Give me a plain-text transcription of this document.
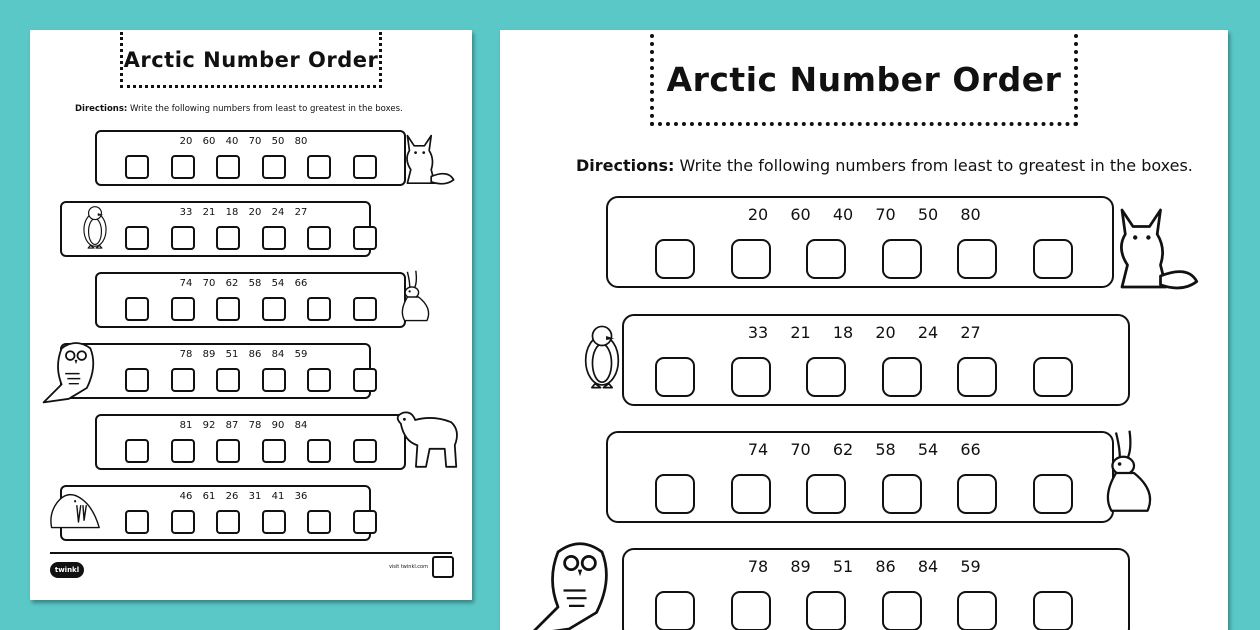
Arctic Number Order
Directions: Write the following numbers from least to greatest in the boxes.
20 60 40 70 50 80
33 21 18 20 24 27
74 70 62 58 54 66
78 89 51 86 84 59
81 92 87 78 90 84
46 61 26 31 41 36
twinkl	visit twinkl.com
Arctic Number Order
Directions: Write the following numbers from least to greatest in the boxes.
20 60 40 70 50 80
33 21 18 20 24 27
74 70 62 58 54 66
78 89 51 86 84 59
